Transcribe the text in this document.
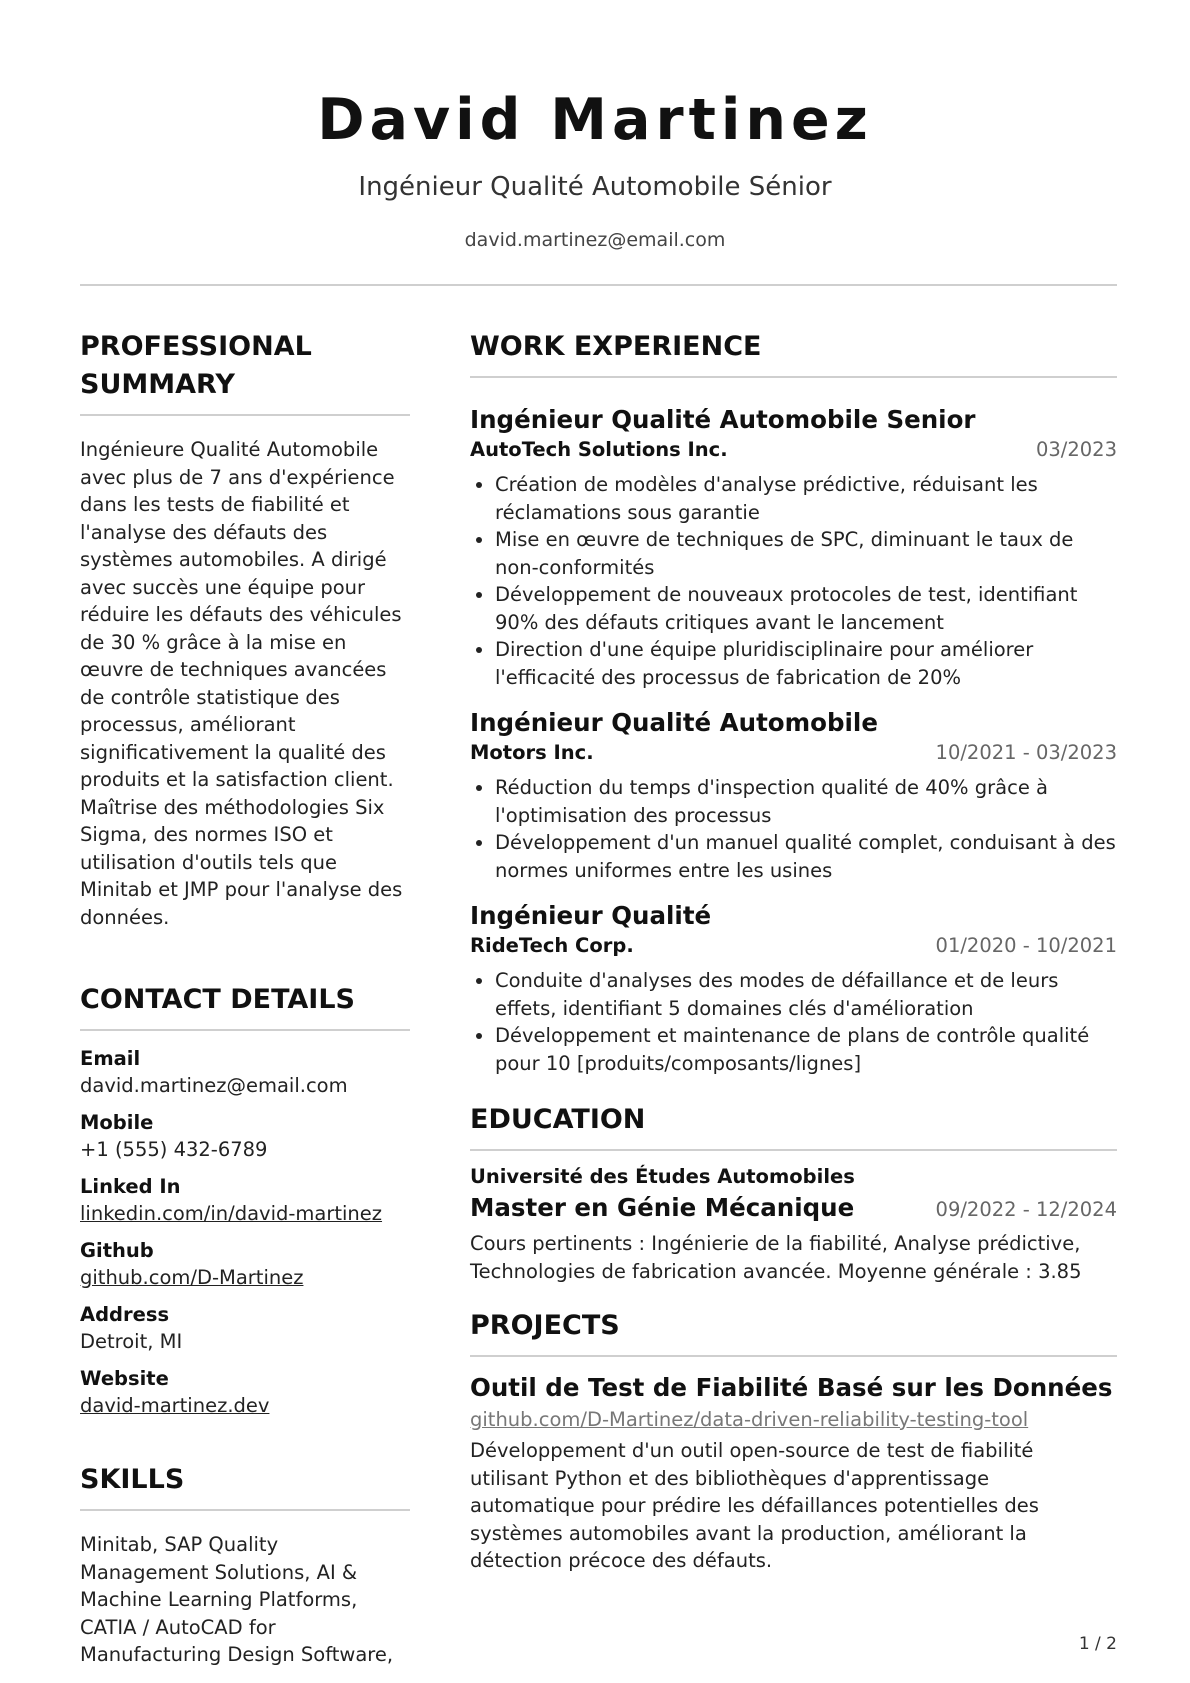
David Martinez
Ingénieur Qualité Automobile Sénior
david.martinez@email.com
PROFESSIONAL SUMMARY
Ingénieure Qualité Automobile avec plus de 7 ans d'expérience dans les tests de fiabilité et l'analyse des défauts des systèmes automobiles. A dirigé avec succès une équipe pour réduire les défauts des véhicules de 30 % grâce à la mise en œuvre de techniques avancées de contrôle statistique des processus, améliorant significativement la qualité des produits et la satisfaction client. Maîtrise des méthodologies Six Sigma, des normes ISO et utilisation d'outils tels que Minitab et JMP pour l'analyse des données.
CONTACT DETAILS
Email
david.martinez@email.com
Mobile
+1 (555) 432-6789
Linked In
linkedin.com/in/david-martinez
Github
github.com/D-Martinez
Address
Detroit, MI
Website
david-martinez.dev
SKILLS
Minitab, SAP Quality Management Solutions, AI & Machine Learning Platforms, CATIA / AutoCAD for Manufacturing Design Software,
WORK EXPERIENCE
Ingénieur Qualité Automobile Senior
AutoTech Solutions Inc.	03/2023
• Création de modèles d'analyse prédictive, réduisant les réclamations sous garantie
• Mise en œuvre de techniques de SPC, diminuant le taux de non-conformités
• Développement de nouveaux protocoles de test, identifiant 90% des défauts critiques avant le lancement
• Direction d'une équipe pluridisciplinaire pour améliorer l'efficacité des processus de fabrication de 20%
Ingénieur Qualité Automobile
Motors Inc.	10/2021 - 03/2023
• Réduction du temps d'inspection qualité de 40% grâce à l'optimisation des processus
• Développement d'un manuel qualité complet, conduisant à des normes uniformes entre les usines
Ingénieur Qualité
RideTech Corp.	01/2020 - 10/2021
• Conduite d'analyses des modes de défaillance et de leurs effets, identifiant 5 domaines clés d'amélioration
• Développement et maintenance de plans de contrôle qualité pour 10 [produits/composants/lignes]
EDUCATION
Université des Études Automobiles
Master en Génie Mécanique	09/2022 - 12/2024
Cours pertinents : Ingénierie de la fiabilité, Analyse prédictive, Technologies de fabrication avancée. Moyenne générale : 3.85
PROJECTS
Outil de Test de Fiabilité Basé sur les Données
github.com/D-Martinez/data-driven-reliability-testing-tool
Développement d'un outil open-source de test de fiabilité utilisant Python et des bibliothèques d'apprentissage automatique pour prédire les défaillances potentielles des systèmes automobiles avant la production, améliorant la détection précoce des défauts.
1 / 2
